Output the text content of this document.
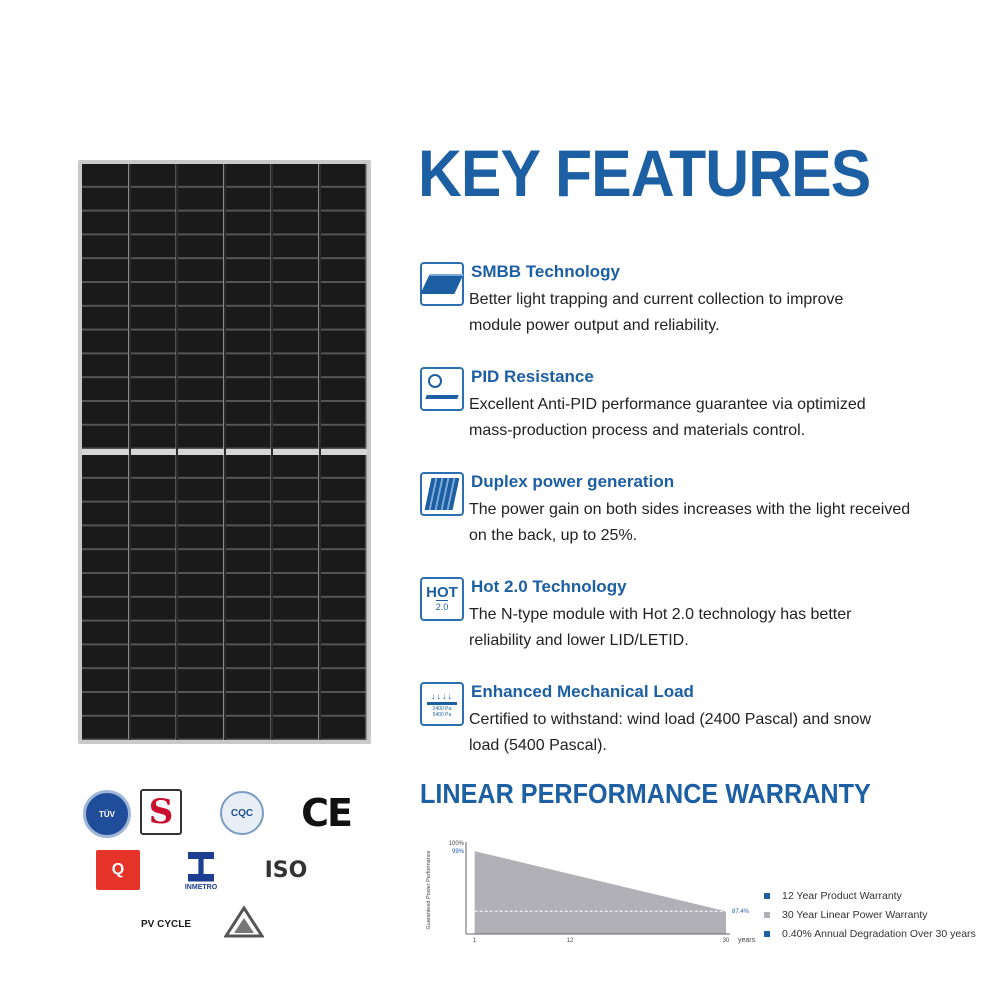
TÜV S	CQC CE
Q
INMETRO
ISO
PV CYCLE
KEY FEATURES
SMBB Technology
Better light trapping and current collection to improve
module power output and reliability.
PID Resistance
Excellent Anti-PID performance guarantee via optimized
mass-production process and materials control.
Duplex power generation
The power gain on both sides increases with the light received
on the back, up to 25%.
HOT
2.0
Hot 2.0 Technology
The N-type module with Hot 2.0 technology has better
reliability and lower LID/LETID.
↓↓↓↓
2400 Pa
5400 Pa
Enhanced Mechanical Load
Certified to withstand: wind load (2400 Pascal) and snow
load (5400 Pascal).
LINEAR PERFORMANCE WARRANTY
100%
99%
87.4%
1	12	30 years
Guaranteed Power Performance	12 Year Product Warranty
30 Year Linear Power Warranty
0.40% Annual Degradation Over 30 years
